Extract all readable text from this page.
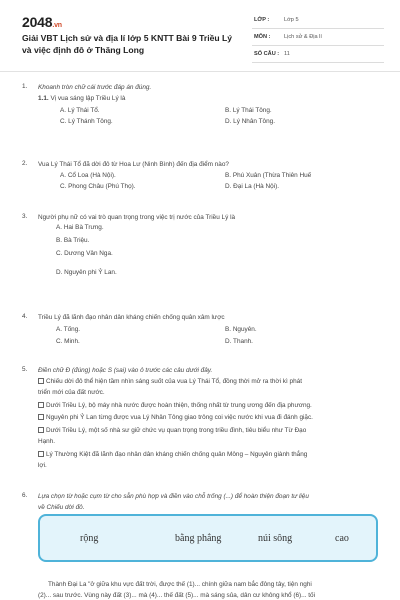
2048.vn
Giải VBT Lịch sử và địa lí lớp 5 KNTT Bài 9 Triều Lý và việc định đô ở Thăng Long
LỚP :	Lớp 5
MÔN : Lịch sử & Địa lí
SỐ CÂU : 11
1. Khoanh tròn chữ cái trước đáp án đúng.
1.1. Vị vua sáng lập Triều Lý là
A. Lý Thái Tổ.	B. Lý Thái Tông.
C. Lý Thánh Tông.	D. Lý Nhân Tông.
2. Vua Lý Thái Tổ đã dời đô từ Hoa Lư (Ninh Bình) đến địa điểm nào?
A. Cổ Loa (Hà Nội).	B. Phú Xuân (Thừa Thiên Huế
C. Phong Châu (Phú Thọ).	D. Đại La (Hà Nội).
3. Người phụ nữ có vai trò quan trọng trong việc trị nước của Triều Lý là
A. Hai Bà Trưng.
B. Bà Triệu.
C. Dương Vân Nga.
D. Nguyên phi Ỷ Lan.
4. Triều Lý đã lãnh đạo nhân dân kháng chiến chống quân xâm lược
A. Tống.	B. Nguyên.
C. Minh.	D. Thanh.
5. Điền chữ Đ (đúng) hoặc S (sai) vào ô trước các câu dưới đây.
Chiếu dời đô thể hiện tầm nhìn sáng suốt của vua Lý Thái Tổ, đồng thời mở ra thời kì phát
triển mới của đất nước.
Dưới Triều Lý, bộ máy nhà nước được hoàn thiện, thống nhất từ trung ương đến địa phương.
Nguyên phi Ỷ Lan từng được vua Lý Nhân Tông giao trông coi việc nước khi vua đi đánh giặc.
Dưới Triều Lý, một số nhà sư giữ chức vụ quan trọng trong triều đình, tiêu biểu như Từ Đạo
Hạnh.
Lý Thường Kiệt đã lãnh đạo nhân dân kháng chiến chống quân Mông – Nguyên giành thắng
lợi.
6. Lựa chọn từ hoặc cụm từ cho sẵn phù hợp và điền vào chỗ trống (...) để hoàn thiện đoạn tư liệu
về Chiếu dời đô.
rộng	bằng phẳng	núi sông	cao
Thành Đại La "ở giữa khu vực đất trời, được thế (1)... chính giữa nam bắc đông tây, tiện nghi
(2)... sau trước. Vùng này đất (3)... mà (4)... thế đất (5)... mà sáng sủa, dân cư không khổ (6)... tối
